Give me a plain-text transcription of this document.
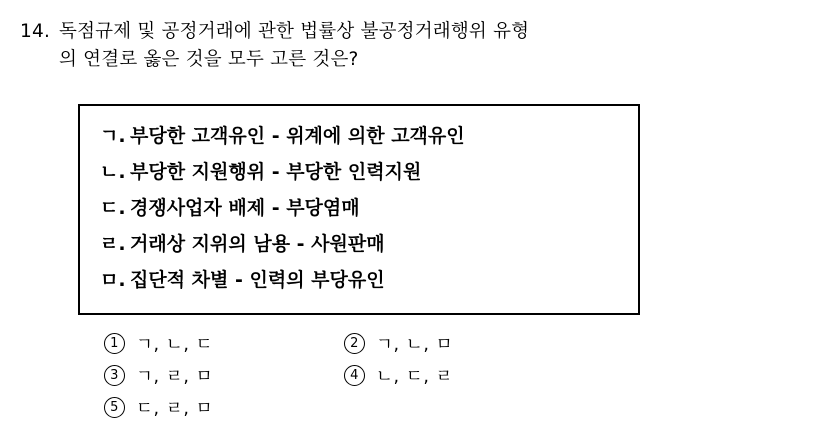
14. 독점규제 및 공정거래에 관한 법률상 불공정거래행위 유형
의 연결로 옳은 것을 모두 고른 것은?
ㄱ. 부당한 고객유인 - 위계에 의한 고객유인
ㄴ. 부당한 지원행위 - 부당한 인력지원
ㄷ. 경쟁사업자 배제 - 부당염매
ㄹ. 거래상 지위의 남용 - 사원판매
ㅁ. 집단적 차별 - 인력의 부당유인
1 ㄱ, ㄴ, ㄷ	2 ㄱ, ㄴ, ㅁ
3 ㄱ, ㄹ, ㅁ	4 ㄴ, ㄷ, ㄹ
5 ㄷ, ㄹ, ㅁ
